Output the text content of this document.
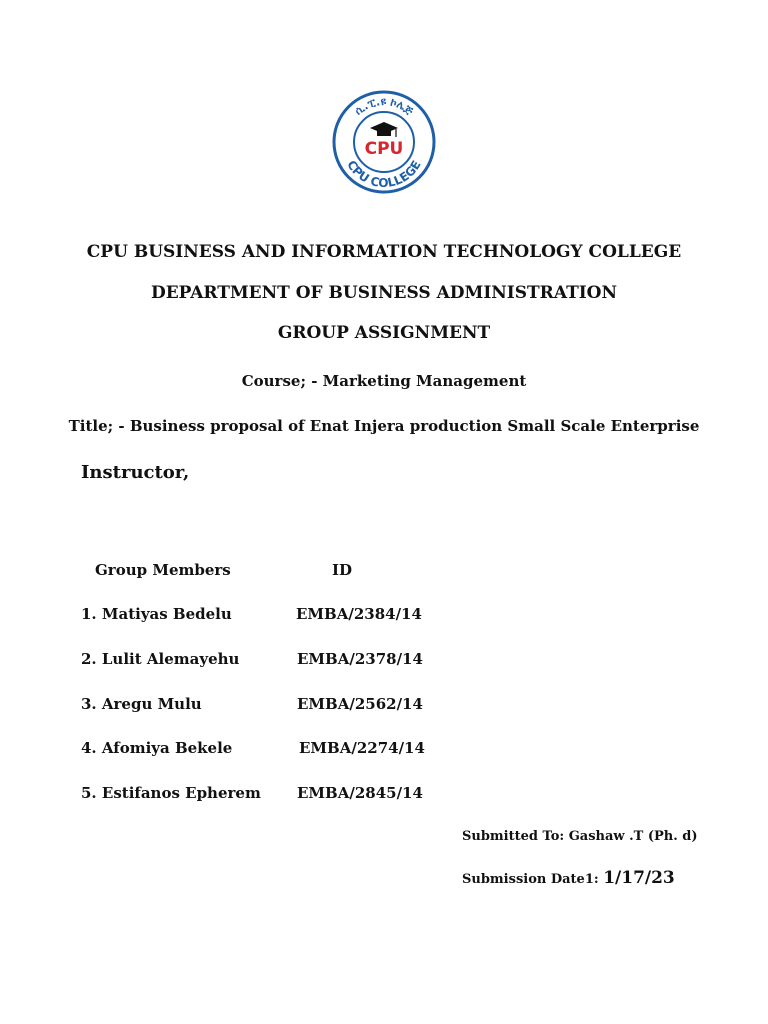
ሲ.ፒ.ዩ ኮሌጅ
CPU COLLEGE
CPU
CPU BUSINESS AND INFORMATION TECHNOLOGY COLLEGE
DEPARTMENT OF BUSINESS ADMINISTRATION
GROUP ASSIGNMENT
Course; - Marketing Management
Title; - Business proposal of Enat Injera production Small Scale Enterprise
Instructor,
Group Members	ID
1. Matiyas Bedelu	EMBA/2384/14
2. Lulit Alemayehu	EMBA/2378/14
3. Aregu Mulu	EMBA/2562/14
4. Afomiya Bekele	EMBA/2274/14
5. Estifanos Epherem EMBA/2845/14
Submitted To: Gashaw .T (Ph. d)
Submission Date1: 1/17/23
